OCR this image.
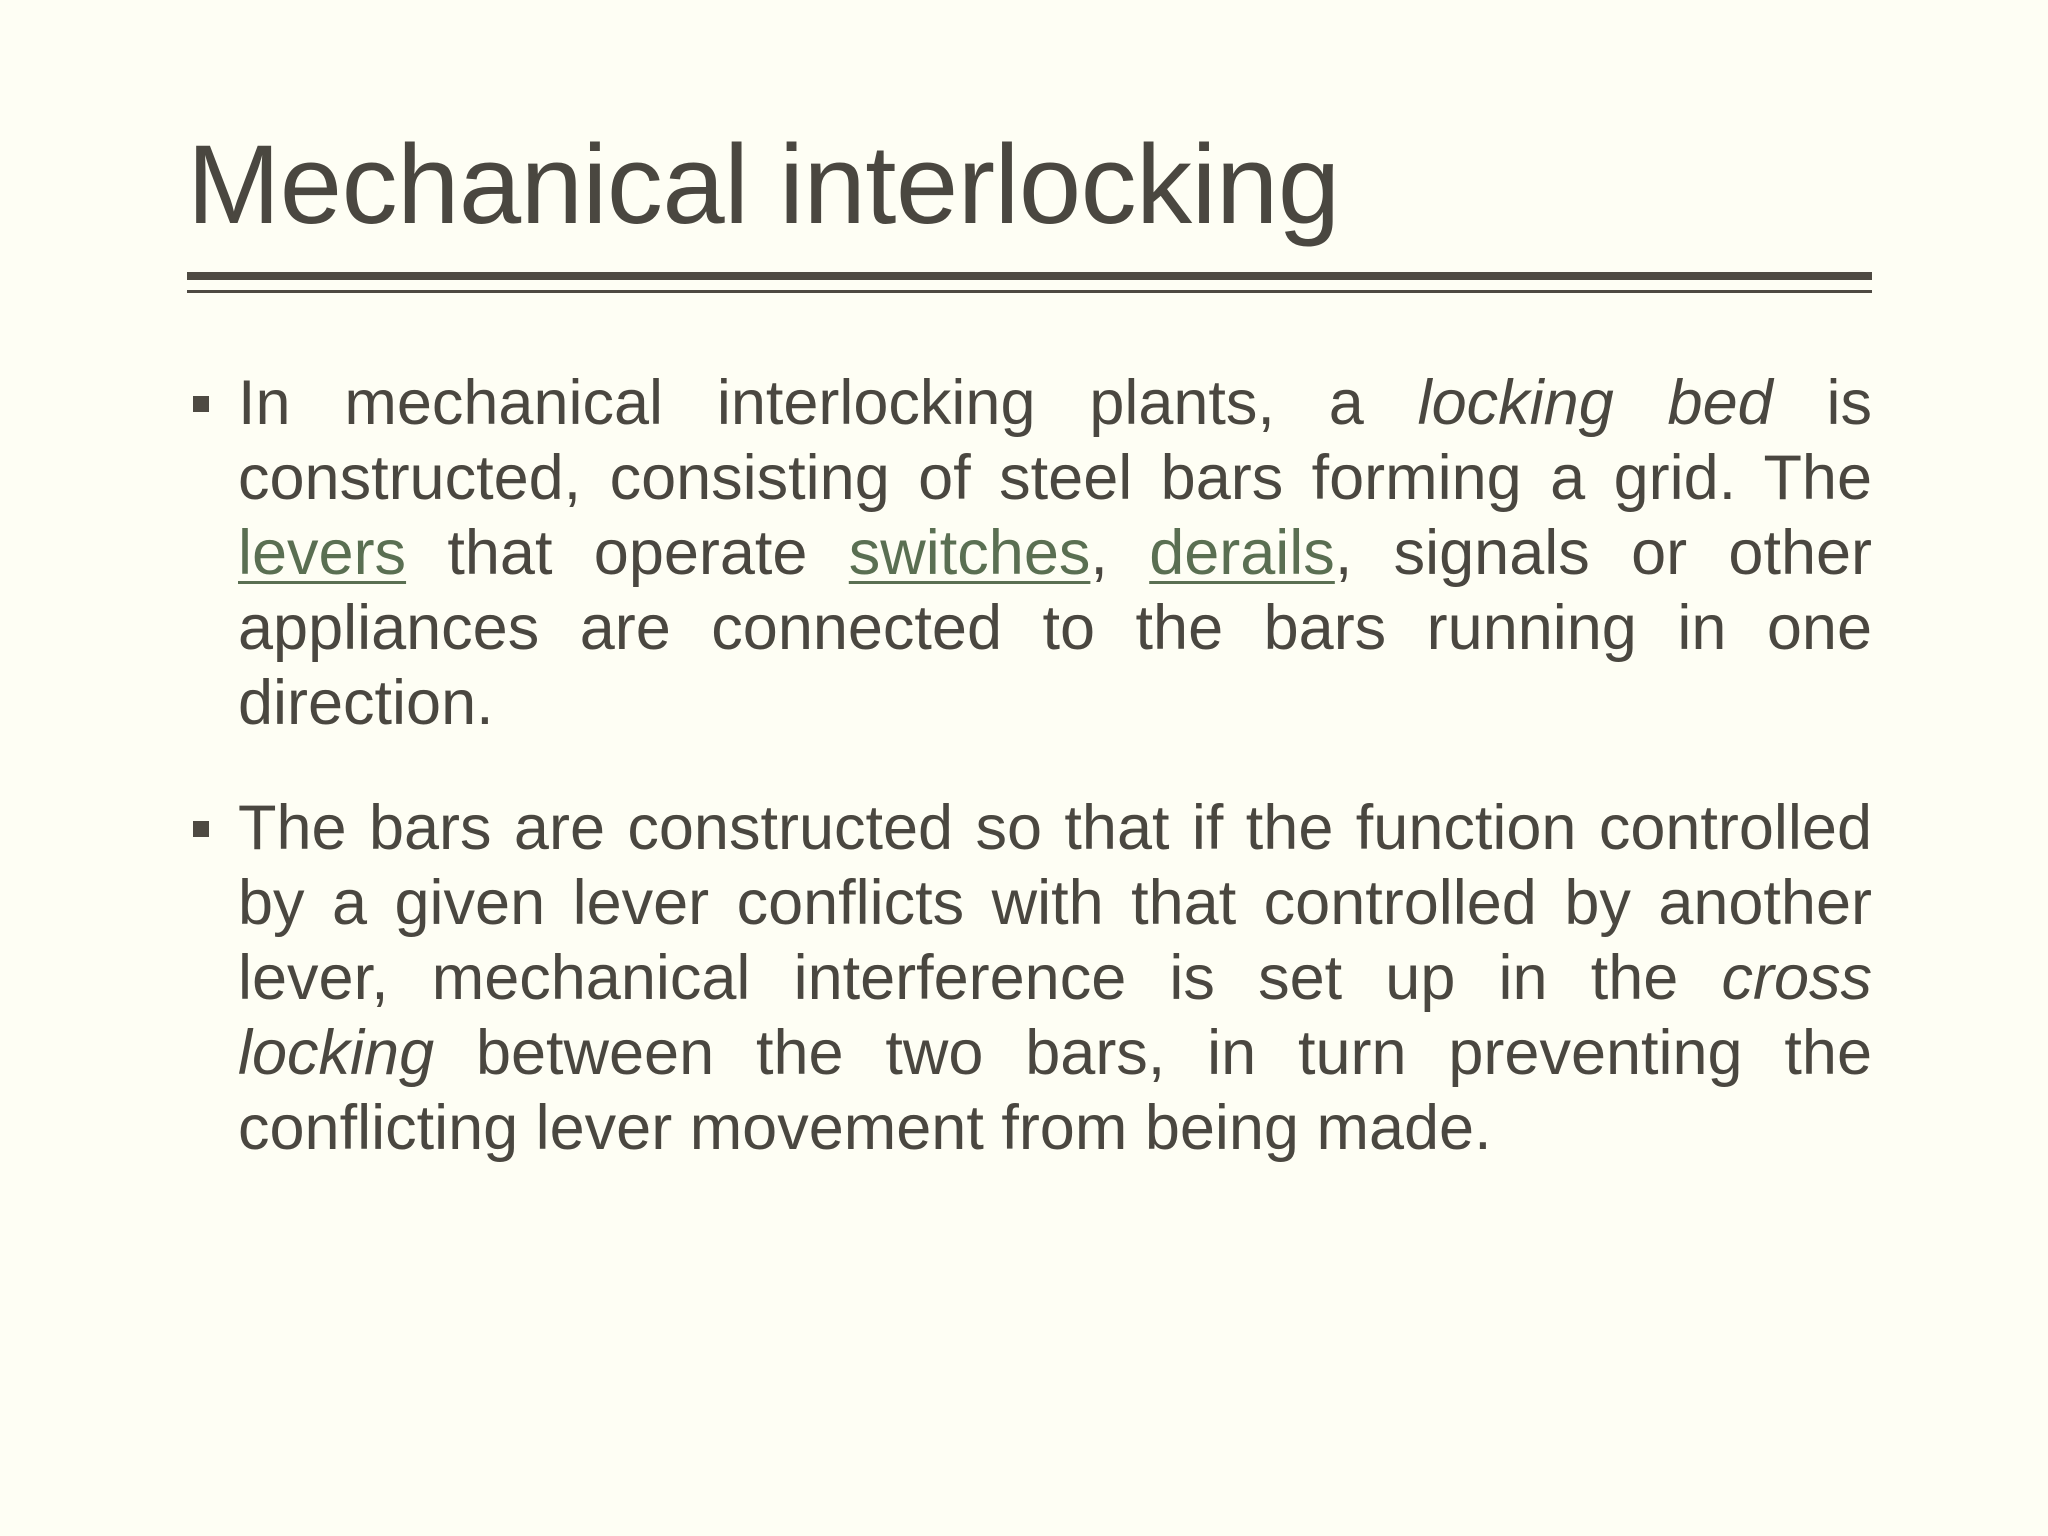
Mechanical interlocking

In mechanical interlocking plants, a locking bed is constructed, consisting of steel bars forming a grid. The levers that operate switches, derails, signals or other appliances are connected to the bars running in one direction.

The bars are constructed so that if the function controlled by a given lever conflicts with that controlled by another lever, mechanical interference is set up in the cross locking between the two bars, in turn preventing the conflicting lever movement from being made.
